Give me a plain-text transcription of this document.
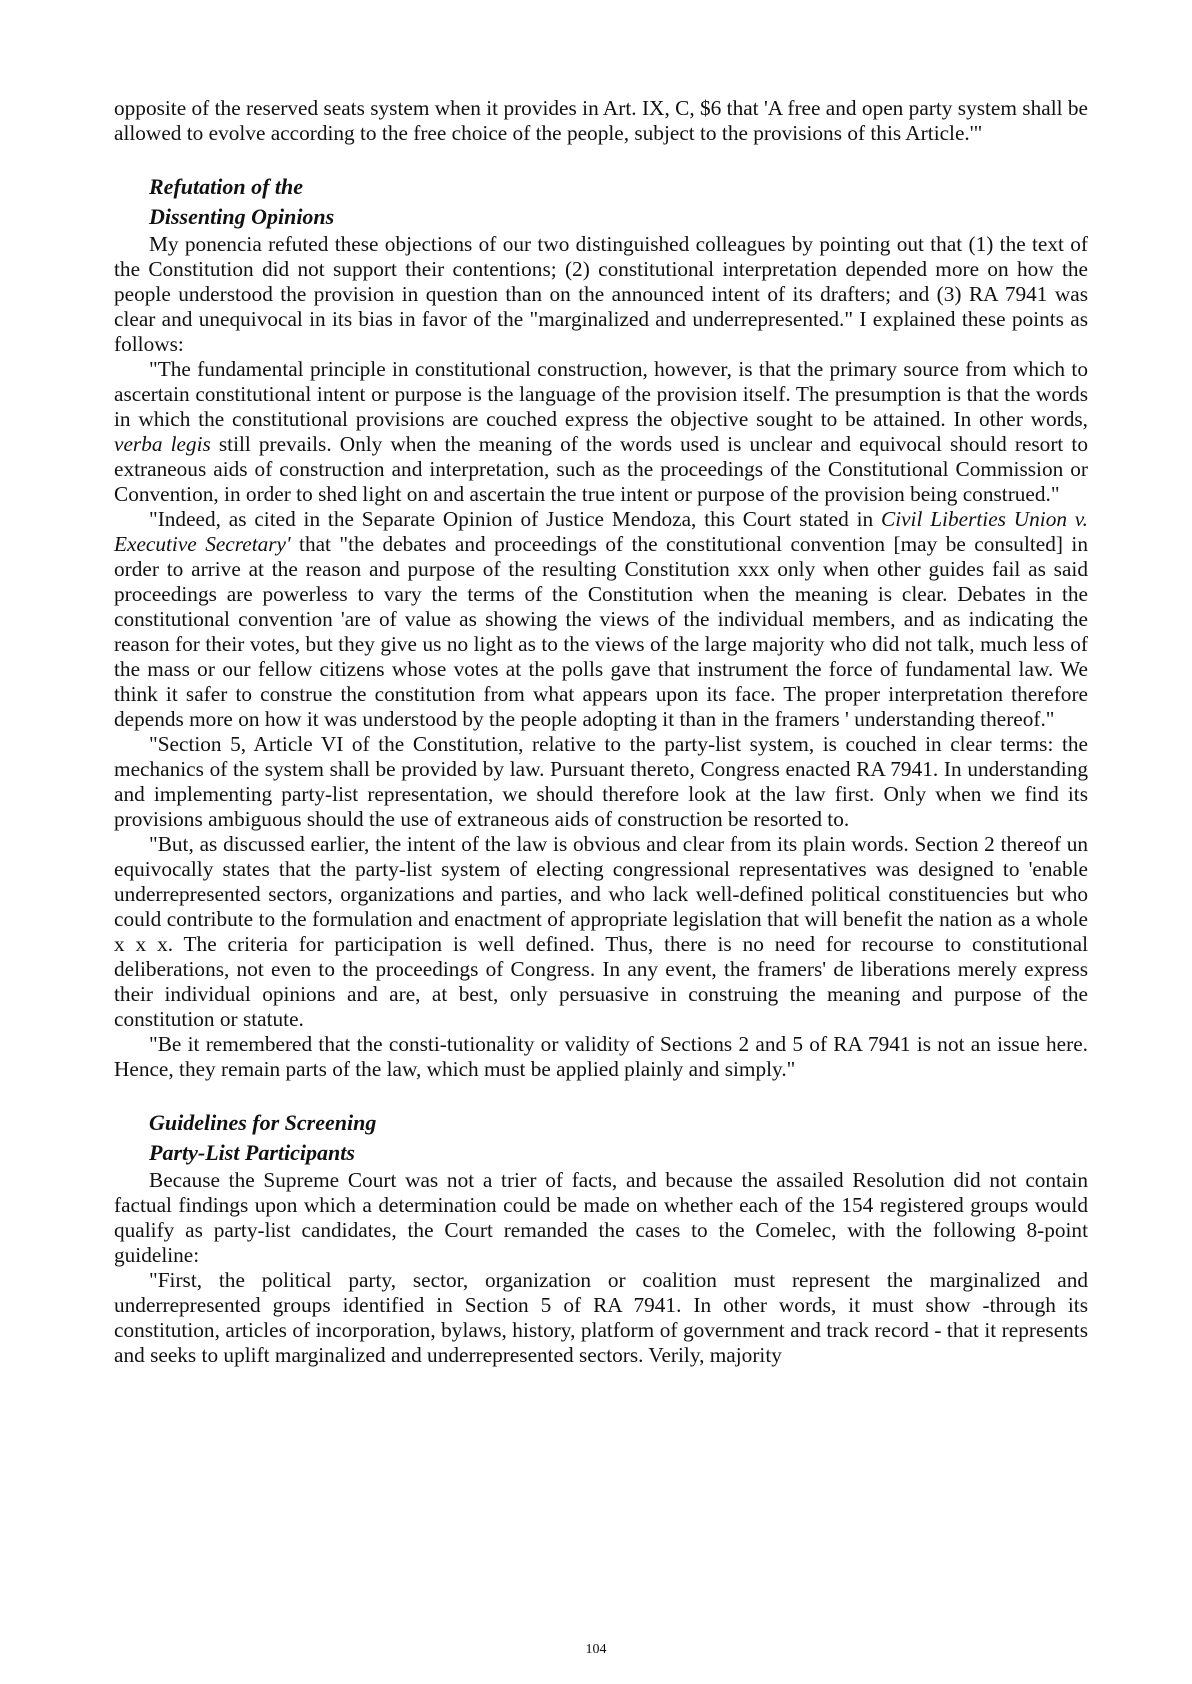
opposite of the reserved seats system when it provides in Art. IX, C, $6 that 'A free and open party system shall be allowed to evolve according to the free choice of the people, subject to the provisions of this Article.'"

Refutation of the
Dissenting Opinions

My ponencia refuted these objections of our two distinguished colleagues by pointing out that (1) the text of the Constitution did not support their contentions; (2) constitutional interpretation depended more on how the people understood the provision in question than on the announced intent of its drafters; and (3) RA 7941 was clear and unequivocal in its bias in favor of the "marginalized and underrepresented." I explained these points as follows:

"The fundamental principle in constitutional construction, however, is that the primary source from which to ascertain constitutional intent or purpose is the language of the provision itself. The presumption is that the words in which the constitutional provisions are couched express the objective sought to be attained. In other words, verba legis still prevails. Only when the meaning of the words used is unclear and equivocal should resort to extraneous aids of construction and interpretation, such as the proceedings of the Constitutional Commission or Convention, in order to shed light on and ascertain the true intent or purpose of the provision being construed."

"Indeed, as cited in the Separate Opinion of Justice Mendoza, this Court stated in Civil Liberties Union v. Executive Secretary' that "the debates and proceedings of the constitutional convention [may be consulted] in order to arrive at the reason and purpose of the resulting Constitution xxx only when other guides fail as said proceedings are powerless to vary the terms of the Constitution when the meaning is clear. Debates in the constitutional convention 'are of value as showing the views of the individual members, and as indicating the reason for their votes, but they give us no light as to the views of the large majority who did not talk, much less of the mass or our fellow citizens whose votes at the polls gave that instrument the force of fundamental law. We think it safer to construe the constitution from what appears upon its face. The proper interpretation therefore depends more on how it was understood by the people adopting it than in the framers ' understanding thereof."

"Section 5, Article VI of the Constitution, relative to the party-list system, is couched in clear terms: the mechanics of the system shall be provided by law. Pursuant thereto, Congress enacted RA 7941. In understanding and implementing party-list representation, we should therefore look at the law first. Only when we find its provisions ambiguous should the use of extraneous aids of construction be resorted to.

"But, as discussed earlier, the intent of the law is obvious and clear from its plain words. Section 2 thereof un equivocally states that the party-list system of electing congressional representatives was designed to 'enable underrepresented sectors, organizations and parties, and who lack well-defined political constituencies but who could contribute to the formulation and enactment of appropriate legislation that will benefit the nation as a whole x x x. The criteria for participation is well defined. Thus, there is no need for recourse to constitutional deliberations, not even to the proceedings of Congress. In any event, the framers' de liberations merely express their individual opinions and are, at best, only persuasive in construing the meaning and purpose of the constitution or statute.

"Be it remembered that the consti-tutionality or validity of Sections 2 and 5 of RA 7941 is not an issue here. Hence, they remain parts of the law, which must be applied plainly and simply."

Guidelines for Screening
Party-List Participants

Because the Supreme Court was not a trier of facts, and because the assailed Resolution did not contain factual findings upon which a determination could be made on whether each of the 154 registered groups would qualify as party-list candidates, the Court remanded the cases to the Comelec, with the following 8-point guideline:

"First, the political party, sector, organization or coalition must represent the marginalized and underrepresented groups identified in Section 5 of RA 7941. In other words, it must show -through its constitution, articles of incorporation, bylaws, history, platform of government and track record - that it represents and seeks to uplift marginalized and underrepresented sectors. Verily, majority

104
